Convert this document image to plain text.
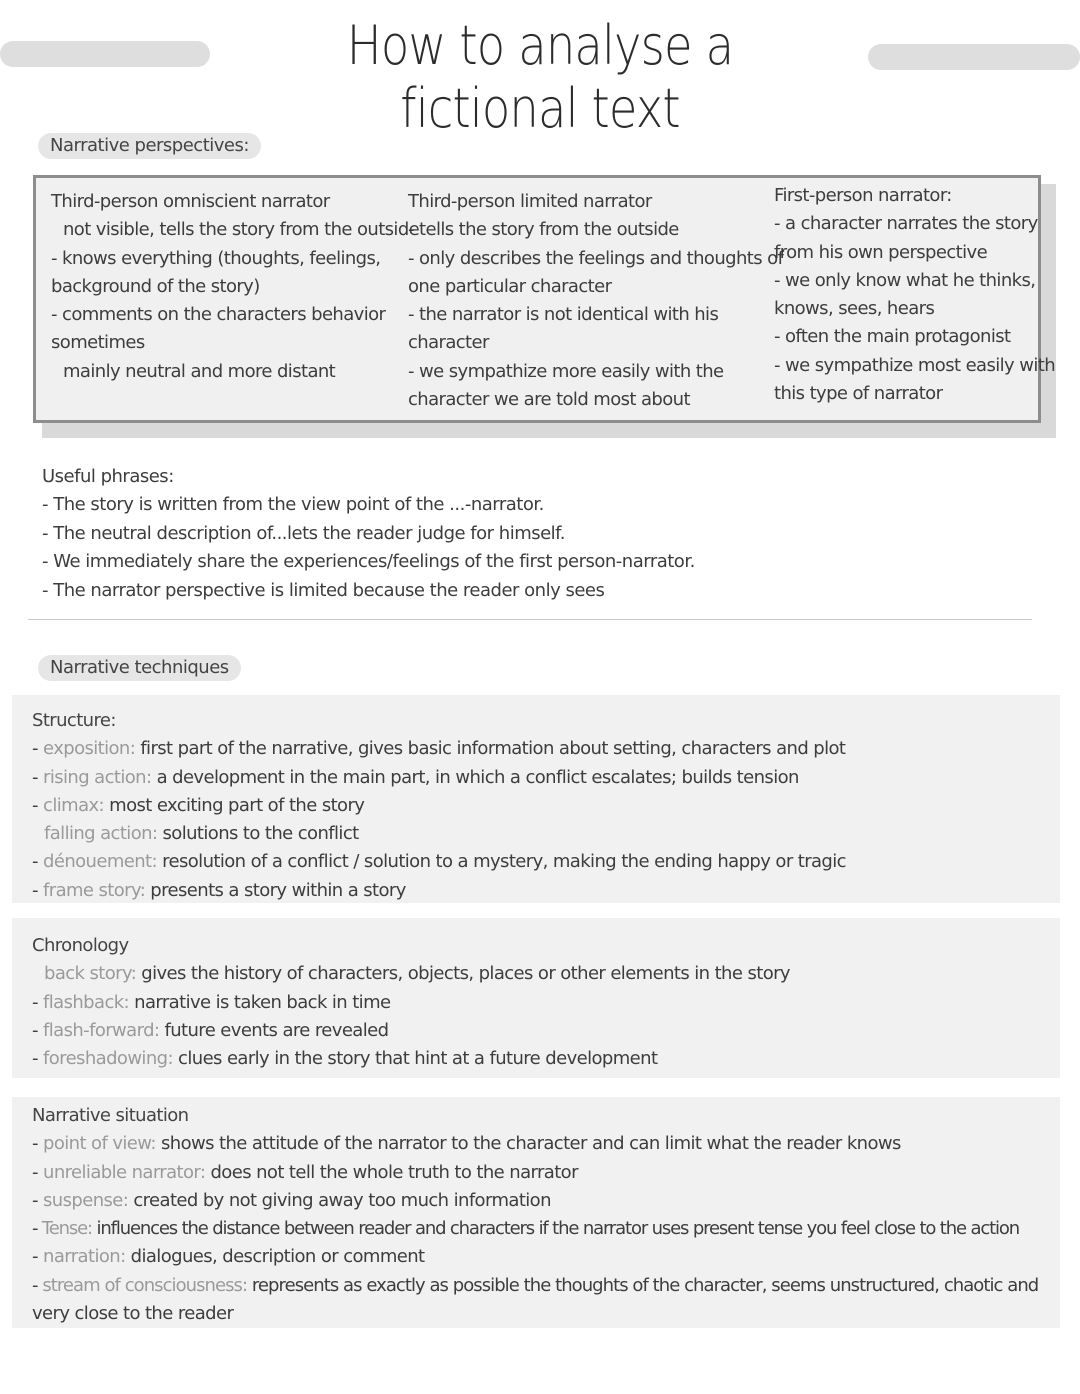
How to analyse a fictional text
Narrative perspectives:
Third-person omniscient narrator
not visible, tells the story from the outside
- knows everything (thoughts, feelings,
background of the story)
- comments on the characters behavior
sometimes
mainly neutral and more distant
Third-person limited narrator
- tells the story from the outside
- only describes the feelings and thoughts of
one particular character
- the narrator is not identical with his
character
- we sympathize more easily with the
character we are told most about
First-person narrator:
- a character narrates the story
from his own perspective
- we only know what he thinks,
knows, sees, hears
- often the main protagonist
- we sympathize most easily with
this type of narrator
Useful phrases:
- The story is written from the view point of the ...-narrator.
- The neutral description of...lets the reader judge for himself.
- We immediately share the experiences/feelings of the first person-narrator.
- The narrator perspective is limited because the reader only sees
Narrative techniques
Structure:
- exposition: first part of the narrative, gives basic information about setting, characters and plot
- rising action: a development in the main part, in which a conflict escalates; builds tension
- climax: most exciting part of the story
falling action: solutions to the conflict
- dénouement: resolution of a conflict / solution to a mystery, making the ending happy or tragic
- frame story: presents a story within a story
Chronology
back story: gives the history of characters, objects, places or other elements in the story
- flashback: narrative is taken back in time
- flash-forward: future events are revealed
- foreshadowing: clues early in the story that hint at a future development
Narrative situation
- point of view: shows the attitude of the narrator to the character and can limit what the reader knows
- unreliable narrator: does not tell the whole truth to the narrator
- suspense: created by not giving away too much information
- Tense: influences the distance between reader and characters if the narrator uses present tense you feel close to the action
- narration: dialogues, description or comment
- stream of consciousness: represents as exactly as possible the thoughts of the character, seems unstructured, chaotic and
very close to the reader
